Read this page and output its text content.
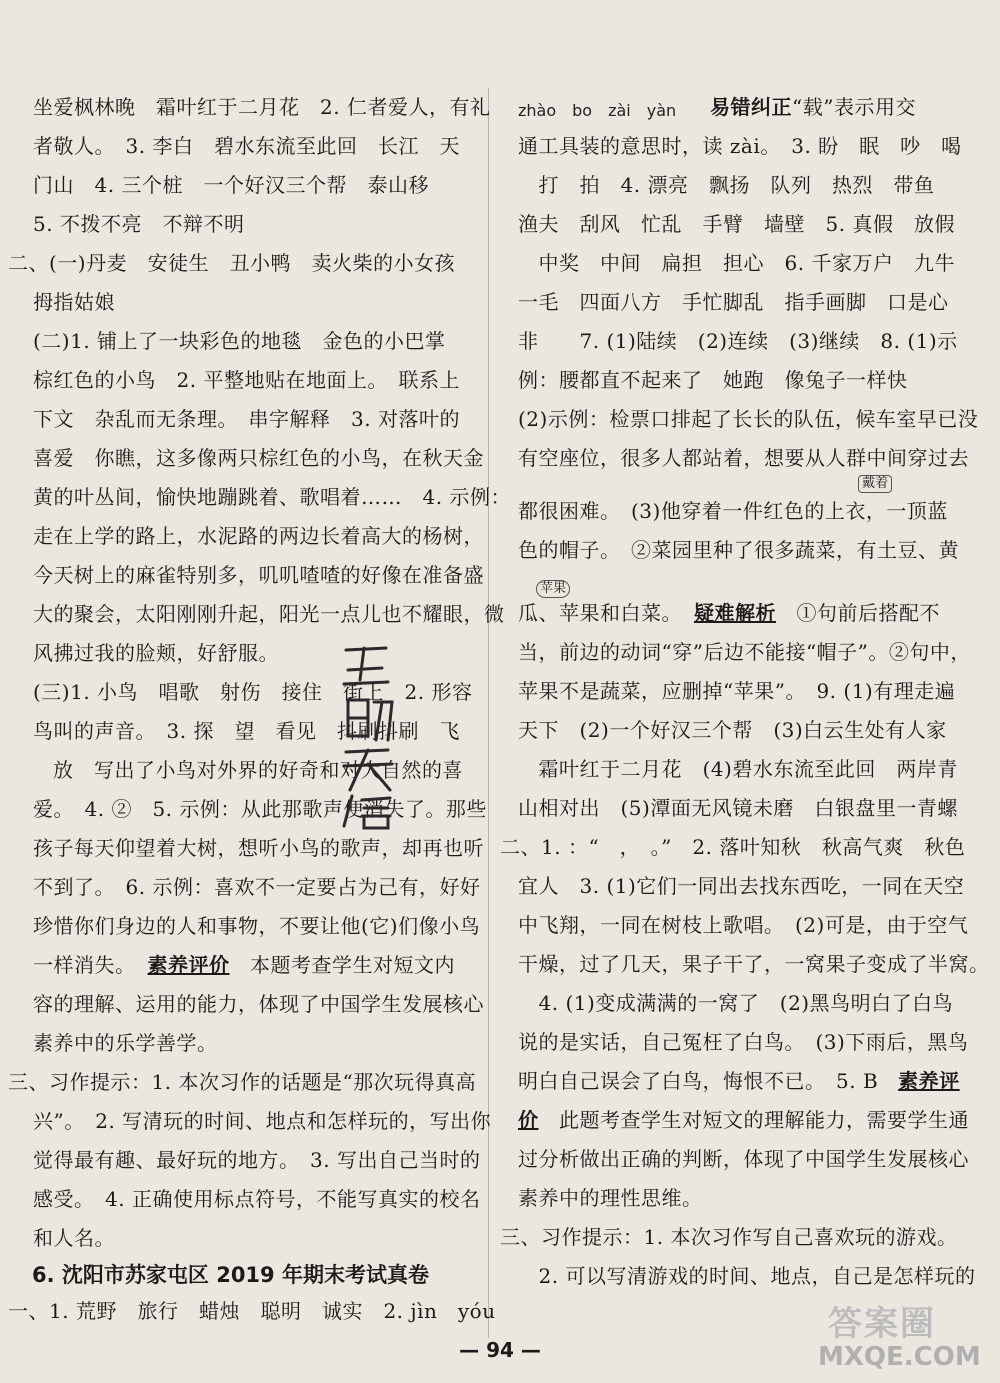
坐爱枫林晚　霜叶红于二月花　2. 仁者爱人，有礼
者敬人。　3. 李白　碧水东流至此回　长江　天
门山　4. 三个桩　一个好汉三个帮　泰山移
5. 不拨不亮　不辩不明
二、(一)丹麦　安徒生　丑小鸭　卖火柴的小女孩
拇指姑娘
(二)1. 铺上了一块彩色的地毯　金色的小巴掌
棕红色的小鸟　2. 平整地贴在地面上。　联系上
下文　杂乱而无条理。　串字解释　3. 对落叶的
喜爱　你瞧，这多像两只棕红色的小鸟，在秋天金
黄的叶丛间，愉快地蹦跳着、歌唱着……　4. 示例：
走在上学的路上，水泥路的两边长着高大的杨树，
今天树上的麻雀特别多，叽叽喳喳的好像在准备盛
大的聚会，太阳刚刚升起，阳光一点儿也不耀眼，微
风拂过我的脸颊，好舒服。
(三)1. 小鸟　唱歌　射伤　接住　街上　2. 形容
鸟叫的声音。　3. 探　望　看见　抖刷抖刷　飞
放　写出了小鸟对外界的好奇和对大自然的喜
爱。　4. ②　5. 示例：从此那歌声便消失了。那些
孩子每天仰望着大树，想听小鸟的歌声，却再也听
不到了。　6. 示例：喜欢不一定要占为己有，好好
珍惜你们身边的人和事物，不要让他(它)们像小鸟
一样消失。 素养评价　本题考查学生对短文内
容的理解、运用的能力，体现了中国学生发展核心
素养中的乐学善学。
三、习作提示：1. 本次习作的话题是“那次玩得真高
兴”。　2. 写清玩的时间、地点和怎样玩的，写出你
觉得最有趣、最好玩的地方。　3. 写出自己当时的
感受。　4. 正确使用标点符号，不能写真实的校名
和人名。
6. 沈阳市苏家屯区 2019 年期末考试真卷
一、1. 荒野　旅行　蜡烛　聪明　诚实　2. jìn　yóu
zhào　bo　zài　yàn 易错纠正“载”表示用交
通工具装的意思时，读 zài。　3. 盼　眠　吵　喝
　打　拍　4. 漂亮　飘扬　队列　热烈　带鱼
渔夫　刮风　忙乱　手臂　墙壁　5. 真假　放假
　中奖　中间　扁担　担心　6. 千家万户　九牛
一毛　四面八方　手忙脚乱　指手画脚　口是心
非　　7. (1)陆续　(2)连续　(3)继续　8. (1)示
例：腰都直不起来了　她跑　像兔子一样快
(2)示例：检票口排起了长长的队伍，候车室早已没
有空座位，很多人都站着，想要从人群中间穿过去
都很困难。　(3)他穿着一件红色的上衣，一顶蓝
戴着
色的帽子。　②菜园里种了很多蔬菜，有土豆、黄
苹果
瓜、苹果和白菜。 疑难解析　①句前后搭配不
当，前边的动词“穿”后边不能接“帽子”。②句中，
苹果不是蔬菜，应删掉“苹果”。　9. (1)有理走遍
天下　(2)一个好汉三个帮　(3)白云生处有人家
　霜叶红于二月花　(4)碧水东流至此回　两岸青
山相对出　(5)潭面无风镜未磨　白银盘里一青螺
二、1. ：“　，　。”　2. 落叶知秋　秋高气爽　秋色
宜人　3. (1)它们一同出去找东西吃，一同在天空
中飞翔，一同在树枝上歌唱。　(2)可是，由于空气
干燥，过了几天，果子干了，一窝果子变成了半窝。
　4. (1)变成满满的一窝了　(2)黑鸟明白了白鸟
说的是实话，自己冤枉了白鸟。　(3)下雨后，黑鸟
明白自己误会了白鸟，悔恨不已。　5. B 素养评
价　此题考查学生对短文的理解能力，需要学生通
过分析做出正确的判断，体现了中国学生发展核心
素养中的理性思维。
三、习作提示：1. 本次习作写自己喜欢玩的游戏。
　2. 可以写清游戏的时间、地点，自己是怎样玩的
— 94 —
答案圈
MXQE.COM
